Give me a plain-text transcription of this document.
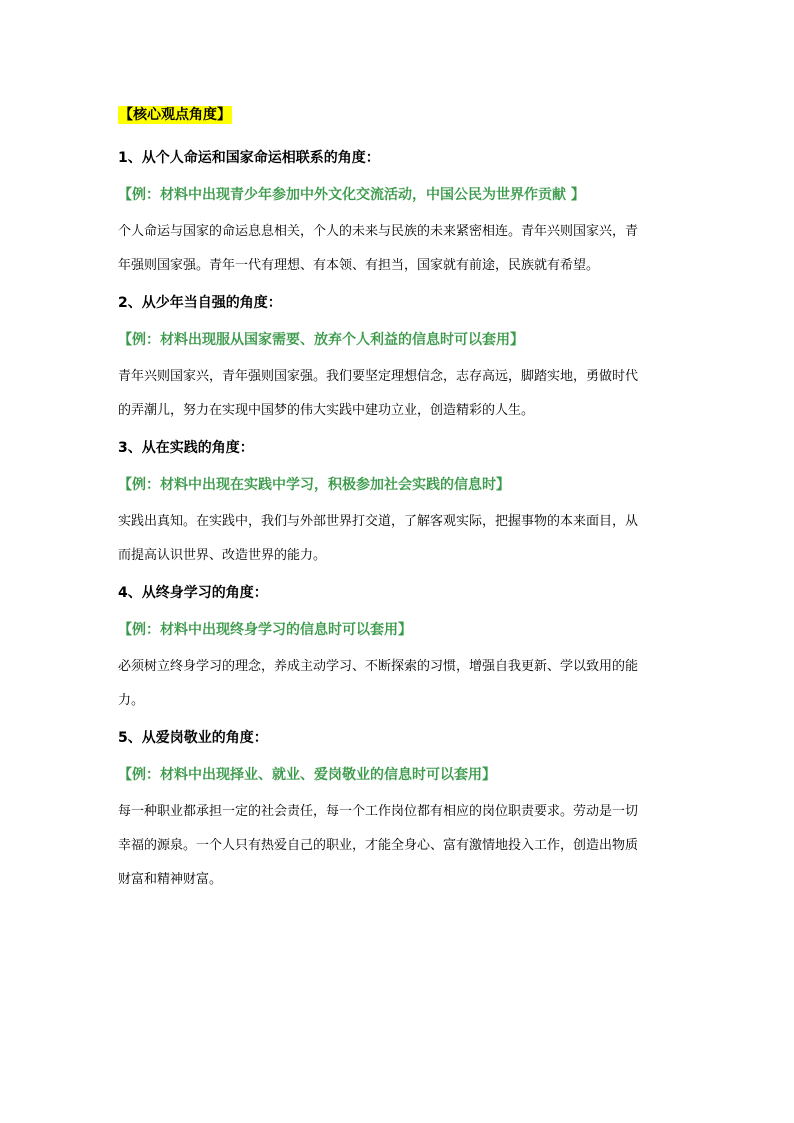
【核心观点角度】

1、从个人命运和国家命运相联系的角度：

【例：材料中出现青少年参加中外文化交流活动，中国公民为世界作贡献 】

个人命运与国家的命运息息相关，个人的未来与民族的未来紧密相连。青年兴则国家兴，青

年强则国家强。青年一代有理想、有本领、有担当，国家就有前途，民族就有希望。

2、从少年当自强的角度：

【例：材料出现服从国家需要、放弃个人利益的信息时可以套用】

青年兴则国家兴，青年强则国家强。我们要坚定理想信念，志存高远，脚踏实地，勇做时代

的弄潮儿，努力在实现中国梦的伟大实践中建功立业，创造精彩的人生。

3、从在实践的角度：

【例：材料中出现在实践中学习，积极参加社会实践的信息时】

实践出真知。在实践中，我们与外部世界打交道，了解客观实际，把握事物的本来面目，从

而提高认识世界、改造世界的能力。

4、从终身学习的角度：

【例：材料中出现终身学习的信息时可以套用】

必须树立终身学习的理念，养成主动学习、不断探索的习惯，增强自我更新、学以致用的能

力。

5、从爱岗敬业的角度：

【例：材料中出现择业、就业、爱岗敬业的信息时可以套用】

每一种职业都承担一定的社会责任，每一个工作岗位都有相应的岗位职责要求。劳动是一切

幸福的源泉。一个人只有热爱自己的职业，才能全身心、富有激情地投入工作，创造出物质

财富和精神财富。
